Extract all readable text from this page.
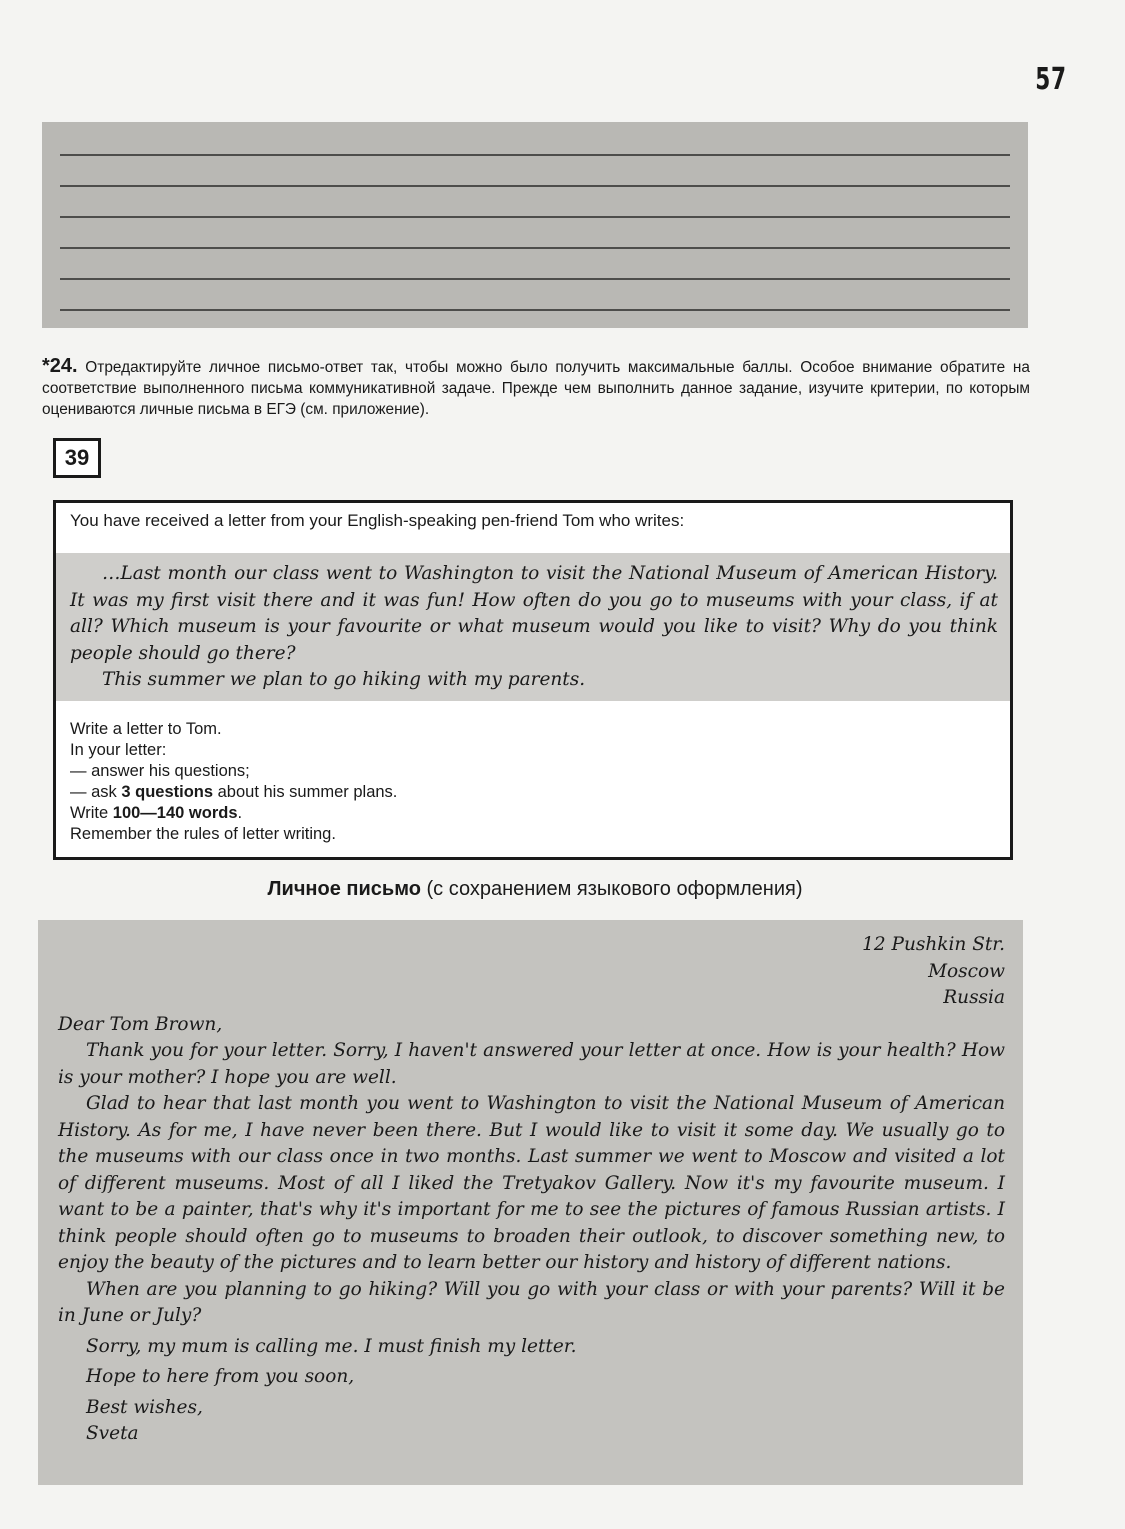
57
*24. Отредактируйте личное письмо-ответ так, чтобы можно было получить максимальные баллы. Особое внимание обратите на соответствие выполненного письма коммуникативной задаче. Прежде чем выполнить данное задание, изучите критерии, по которым оцениваются личные письма в ЕГЭ (см. приложение).
39
You have received a letter from your English-speaking pen-friend Tom who writes:

…Last month our class went to Washington to visit the National Museum of American History. It was my first visit there and it was fun! How often do you go to museums with your class, if at all? Which museum is your favourite or what museum would you like to visit? Why do you think people should go there?

This summer we plan to go hiking with my parents.

Write a letter to Tom.
In your letter:
— answer his questions;
— ask 3 questions about his summer plans.
Write 100—140 words.
Remember the rules of letter writing.
Личное письмо (с сохранением языкового оформления)
12 Pushkin Str.
Moscow
Russia

Dear Tom Brown,

Thank you for your letter. Sorry, I haven't answered your letter at once. How is your health? How is your mother? I hope you are well.

Glad to hear that last month you went to Washington to visit the National Museum of American History. As for me, I have never been there. But I would like to visit it some day. We usually go to the museums with our class once in two months. Last summer we went to Moscow and visited a lot of different museums. Most of all I liked the Tretyakov Gallery. Now it's my favourite museum. I want to be a painter, that's why it's important for me to see the pictures of famous Russian artists. I think people should often go to museums to broaden their outlook, to discover something new, to enjoy the beauty of the pictures and to learn better our history and history of different nations.

When are you planning to go hiking? Will you go with your class or with your parents? Will it be in June or July?

Sorry, my mum is calling me. I must finish my letter.

Hope to here from you soon,

Best wishes,

Sveta
